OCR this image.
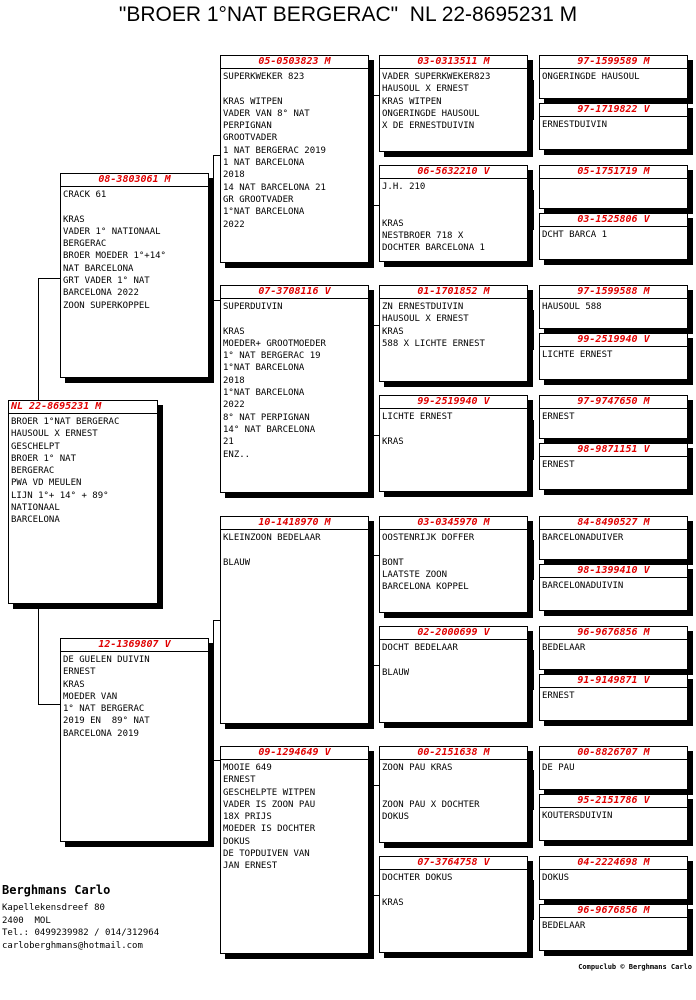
"BROER 1°NAT BERGERAC" NL 22-8695231 M
NL 22-8695231 M
BROER 1°NAT BERGERAC
HAUSOUL X ERNEST
GESCHELPT
BROER 1° NAT
BERGERAC
PWA VD MEULEN
LIJN 1°+ 14° + 89°
NATIONAAL
BARCELONA
08-3803061 M
CRACK 61

KRAS
VADER 1° NATIONAAL
BERGERAC
BROER MOEDER 1°+14°
NAT BARCELONA
GRT VADER 1° NAT
BARCELONA 2022
ZOON SUPERKOPPEL
12-1369807 V
DE GUELEN DUIVIN
ERNEST
KRAS
MOEDER VAN
1° NAT BERGERAC
2019 EN  89° NAT
BARCELONA 2019
05-0503823 M
SUPERKWEKER 823

KRAS WITPEN
VADER VAN 8° NAT
PERPIGNAN
GROOTVADER
1 NAT BERGERAC 2019
1 NAT BARCELONA
2018
14 NAT BARCELONA 21
GR GROOTVADER
1°NAT BARCELONA
2022
07-3708116 V
SUPERDUIVIN

KRAS
MOEDER+ GROOTMOEDER
1° NAT BERGERAC 19
1°NAT BARCELONA
2018
1°NAT BARCELONA
2022
8° NAT PERPIGNAN
14° NAT BARCELONA
21
ENZ..
10-1418970 M
KLEINZOON BEDELAAR

BLAUW
09-1294649 V
MOOIE 649
ERNEST
GESCHELPTE WITPEN
VADER IS ZOON PAU
18X PRIJS
MOEDER IS DOCHTER
DOKUS
DE TOPDUIVEN VAN
JAN ERNEST
03-0313511 M
VADER SUPERKWEKER823
HAUSOUL X ERNEST
KRAS WITPEN
ONGERINGDE HAUSOUL
X DE ERNESTDUIVIN
06-5632210 V
J.H. 210

KRAS
NESTBROER 718 X
DOCHTER BARCELONA 1
01-1701852 M
ZN ERNESTDUIVIN
HAUSOUL X ERNEST
KRAS
588 X LICHTE ERNEST
99-2519940 V
LICHTE ERNEST

KRAS
03-0345970 M
OOSTENRIJK DOFFER

BONT
LAATSTE ZOON
BARCELONA KOPPEL
02-2000699 V
DOCHT BEDELAAR

BLAUW
00-2151638 M
ZOON PAU KRAS

ZOON PAU X DOCHTER
DOKUS
07-3764758 V
DOCHTER DOKUS

KRAS
97-1599589 M
ONGERINGDE HAUSOUL
97-1719822 V
ERNESTDUIVIN
05-1751719 M
03-1525806 V
DCHT BARCA 1
97-1599588 M
HAUSOUL 588
99-2519940 V
LICHTE ERNEST
97-9747650 M
ERNEST
98-9871151 V
ERNEST
84-8490527 M
BARCELONADUIVER
98-1399410 V
BARCELONADUIVIN
96-9676856 M
BEDELAAR
91-9149871 V
ERNEST
00-8826707 M
DE PAU
95-2151786 V
KOUTERSDUIVIN
04-2224698 M
DOKUS
96-9676856 M
BEDELAAR
Berghmans Carlo
Kapellekensdreef 80
2400  MOL
Tel.: 0499239982 / 014/312964
carloberghmans@hotmail.com
Compuclub © Berghmans Carlo
